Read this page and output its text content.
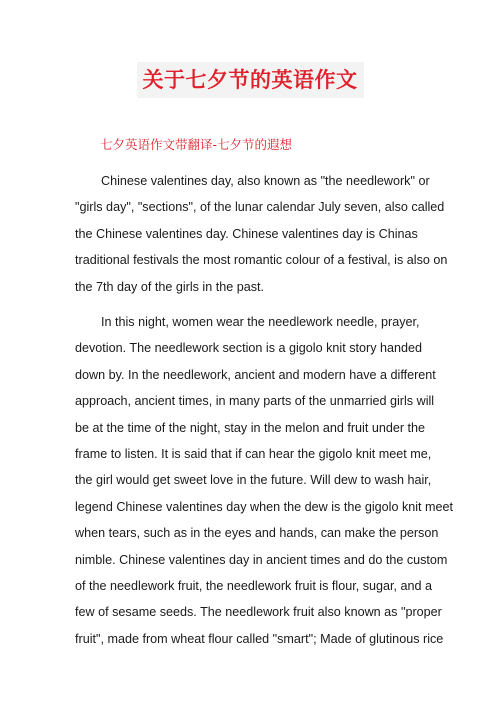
关于七夕节的英语作文
七夕英语作文带翻译-七夕节的遐想
Chinese valentines day, also known as "the needlework" or
"girls day", "sections", of the lunar calendar July seven, also called
the Chinese valentines day. Chinese valentines day is Chinas
traditional festivals the most romantic colour of a festival, is also on
the 7th day of the girls in the past.
In this night, women wear the needlework needle, prayer,
devotion. The needlework section is a gigolo knit story handed
down by. In the needlework, ancient and modern have a different
approach, ancient times, in many parts of the unmarried girls will
be at the time of the night, stay in the melon and fruit under the
frame to listen. It is said that if can hear the gigolo knit meet me,
the girl would get sweet love in the future. Will dew to wash hair,
legend Chinese valentines day when the dew is the gigolo knit meet
when tears, such as in the eyes and hands, can make the person
nimble. Chinese valentines day in ancient times and do the custom
of the needlework fruit, the needlework fruit is flour, sugar, and a
few of sesame seeds. The needlework fruit also known as "proper
fruit", made from wheat flour called "smart"; Made of glutinous rice
